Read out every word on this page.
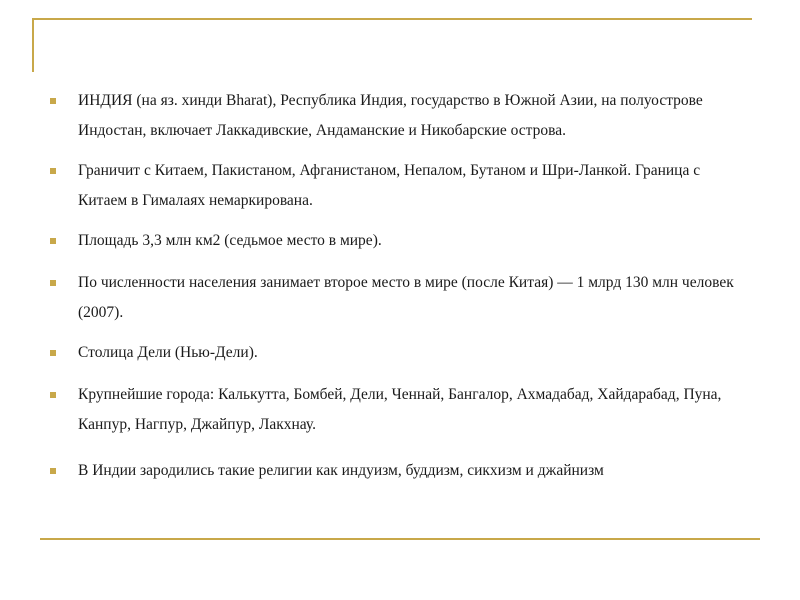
ИНДИЯ (на яз. хинди Bharat), Республика Индия, государство в Южной Азии, на полуострове Индостан, включает Лаккадивские, Андаманские и Никобарские острова.
Граничит с Китаем, Пакистаном, Афганистаном, Непалом, Бутаном и Шри-Ланкой. Граница с Китаем в Гималаях немаркирована.
Площадь 3,3 млн км2 (седьмое место в мире).
По численности населения занимает второе место в мире (после Китая) — 1 млрд 130 млн человек (2007).
Столица Дели (Нью-Дели).
Крупнейшие города: Калькутта, Бомбей, Дели, Ченнай, Бангалор, Ахмадабад, Хайдарабад, Пуна, Канпур, Нагпур, Джайпур, Лакхнау.
В Индии зародились такие религии как индуизм, буддизм, сикхизм и джайнизм
